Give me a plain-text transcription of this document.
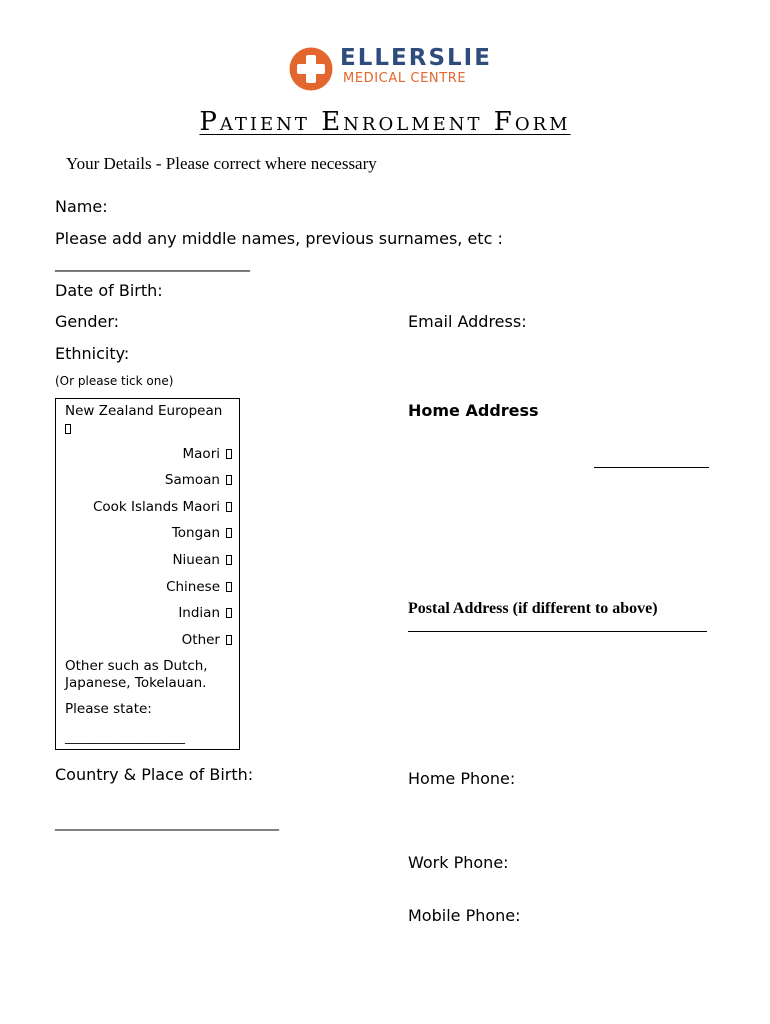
ELLERSLIE
MEDICAL CENTRE
Patient Enrolment Form
Your Details - Please correct where necessary
Name:
Please add any middle names, previous surnames, etc :
__________________________
Date of Birth:
Gender:
Ethnicity:
(Or please tick one)
New Zealand European
Maori
Samoan
Cook Islands Maori
Tongan
Niuean
Chinese
Indian
Other
Other such as Dutch,
Japanese, Tokelauan.
Please state:
____________________
Country & Place of Birth:
________________________________
Email Address:
Home Address
Postal Address (if different to above)
Home Phone:
Work Phone:
Mobile Phone:
